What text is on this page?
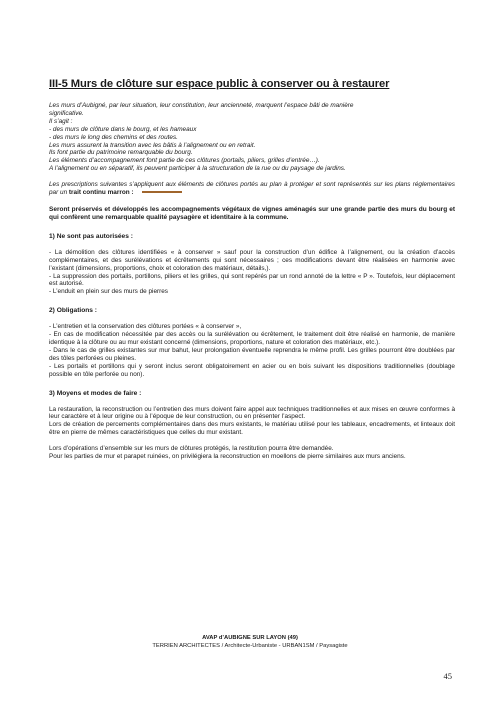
III-5 Murs de clôture sur espace public à conserver ou à restaurer
Les murs d’Aubigné, par leur situation, leur constitution, leur ancienneté, marquent l’espace bâti de manière
significative.
Il s’agit :
- des murs de clôture dans le bourg, et les hameaux
- des murs le long des chemins et des routes.
Les murs assurent la transition avec les bâtis à l’alignement ou en retrait.
Ils font partie du patrimoine remarquable du bourg.
Les éléments d’accompagnement font partie de ces clôtures (portails, piliers, grilles d’entrée…).
A l’alignement ou en séparatif, ils peuvent participer à la structuration de la rue ou du paysage de jardins.
Les prescriptions suivantes s’appliquent aux éléments de clôtures portés au plan à protéger et sont représentés sur les plans réglementaires par un trait continu marron :
Seront préservés et développés les accompagnements végétaux de vignes aménagés sur une grande partie des murs du bourg et qui confèrent une remarquable qualité paysagère et identitaire à la commune.
1) Ne sont pas autorisées :
- La démolition des clôtures identifiées « à conserver » sauf pour la construction d’un édifice à l’alignement, ou la création d’accès complémentaires, et des surélévations et écrêtements qui sont nécessaires ; ces modifications devant être réalisées en harmonie avec l’existant (dimensions, proportions, choix et coloration des matériaux, détails,).
- La suppression des portails, portillons, piliers et les grilles, qui sont repérés par un rond annoté de la lettre « P ». Toutefois, leur déplacement est autorisé.
- L’enduit en plein sur des murs de pierres
2) Obligations :
- L’entretien et la conservation des clôtures portées « à conserver »,
- En cas de modification nécessitée par des accès ou la surélévation ou écrêtement, le traitement doit être réalisé en harmonie, de manière identique à la clôture ou au mur existant concerné (dimensions, proportions, nature et coloration des matériaux, etc.).
- Dans le cas de grilles existantes sur mur bahut, leur prolongation éventuelle reprendra le même profil. Les grilles pourront être doublées par des tôles perforées ou pleines.
- Les portails et portillons qui y seront inclus seront obligatoirement en acier ou en bois suivant les dispositions traditionnelles (doublage possible en tôle perforée ou non).
3) Moyens et modes de faire :
La restauration, la reconstruction ou l’entretien des murs doivent faire appel aux techniques traditionnelles et aux mises en œuvre conformes à leur caractère et à leur origine ou à l’époque de leur construction, ou en présenter l’aspect.
Lors de création de percements complémentaires dans des murs existants, le matériau utilisé pour les tableaux, encadrements, et linteaux doit être en pierre de mêmes caractéristiques que celles du mur existant.
Lors d’opérations d’ensemble sur les murs de clôtures protégés, la restitution pourra être demandée.
Pour les parties de mur et parapet ruinées, on privilégiera la reconstruction en moellons de pierre similaires aux murs anciens.
AVAP d’AUBIGNE SUR LAYON (49)
TERRIEN ARCHITECTES / Architecte-Urbaniste - URBAN1SM / Paysagiste
45
